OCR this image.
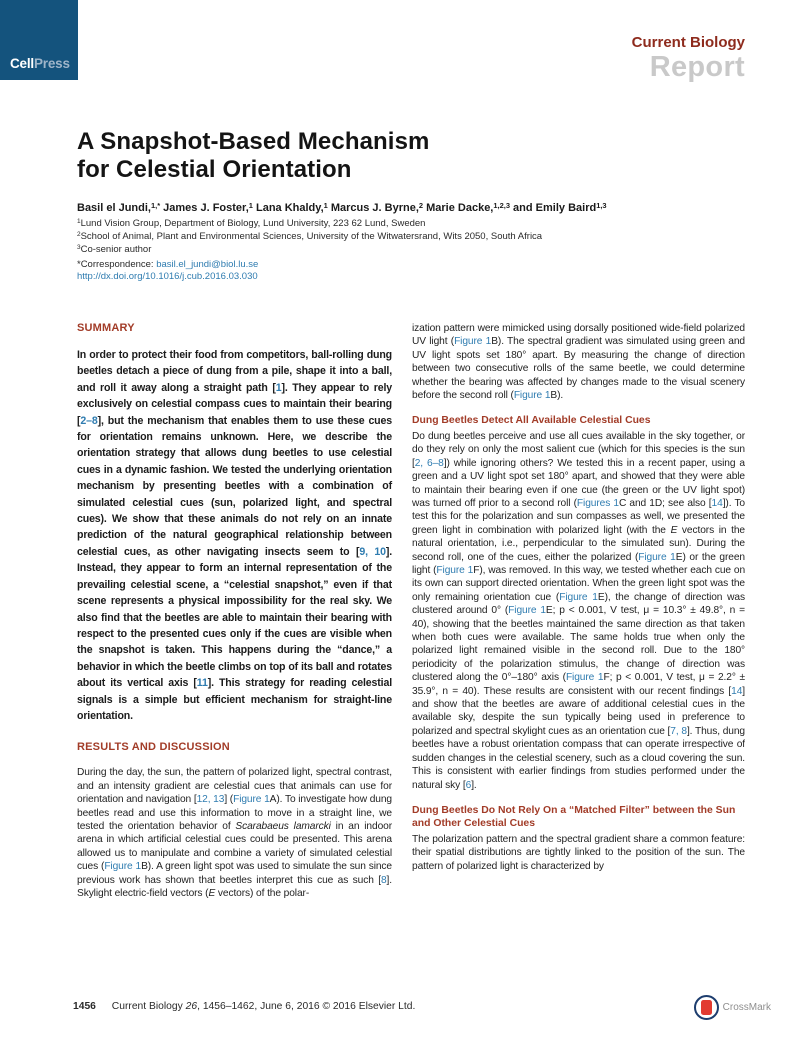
CellPress
Current Biology
Report
A Snapshot-Based Mechanism
for Celestial Orientation
Basil el Jundi,$^{1,*}$ James J. Foster,$^1$ Lana Khaldy,$^1$ Marcus J. Byrne,$^2$ Marie Dacke,$^{1,2,3}$ and Emily Baird$^{1,3}$
$^1$Lund Vision Group, Department of Biology, Lund University, 223 62 Lund, Sweden
$^2$School of Animal, Plant and Environmental Sciences, University of the Witwatersrand, Wits 2050, South Africa
$^3$Co-senior author
*Correspondence: basil.el_jundi@biol.lu.se
http://dx.doi.org/10.1016/j.cub.2016.03.030
SUMMARY

In order to protect their food from competitors, ball-rolling dung beetles detach a piece of dung from a pile, shape it into a ball, and roll it away along a straight path [1]. They appear to rely exclusively on celestial compass cues to maintain their bearing [2–8], but the mechanism that enables them to use these cues for orientation remains unknown. Here, we describe the orientation strategy that allows dung beetles to use celestial cues in a dynamic fashion. We tested the underlying orientation mechanism by presenting beetles with a combination of simulated celestial cues (sun, polarized light, and spectral cues). We show that these animals do not rely on an innate prediction of the natural geographical relationship between celestial cues, as other navigating insects seem to [9, 10]. Instead, they appear to form an internal representation of the prevailing celestial scene, a “celestial snapshot,” even if that scene represents a physical impossibility for the real sky. We also find that the beetles are able to maintain their bearing with respect to the presented cues only if the cues are visible when the snapshot is taken. This happens during the “dance,” a behavior in which the beetle climbs on top of its ball and rotates about its vertical axis [11]. This strategy for reading celestial signals is a simple but efficient mechanism for straight-line orientation.

RESULTS AND DISCUSSION

During the day, the sun, the pattern of polarized light, spectral contrast, and an intensity gradient are celestial cues that animals can use for orientation and navigation [12, 13] (Figure 1A). To investigate how dung beetles read and use this information to move in a straight line, we tested the orientation behavior of Scarabaeus lamarcki in an indoor arena in which artificial celestial cues could be presented. This arena allowed us to manipulate and combine a variety of simulated celestial cues (Figure 1B). A green light spot was used to simulate the sun since previous work has shown that beetles interpret this cue as such [8]. Skylight electric-field vectors (E vectors) of the polar-

ization pattern were mimicked using dorsally positioned wide-field polarized UV light (Figure 1B). The spectral gradient was simulated using green and UV light spots set 180° apart. By measuring the change of direction between two consecutive rolls of the same beetle, we could determine whether the bearing was affected by changes made to the visual scenery before the second roll (Figure 1B).

Dung Beetles Detect All Available Celestial Cues

Do dung beetles perceive and use all cues available in the sky together, or do they rely on only the most salient cue (which for this species is the sun [2, 6–8]) while ignoring others? We tested this in a recent paper, using a green and a UV light spot set 180° apart, and showed that they were able to maintain their bearing even if one cue (the green or the UV light spot) was turned off prior to a second roll (Figures 1C and 1D; see also [14]). To test this for the polarization and sun compasses as well, we presented the green light in combination with polarized light (with the E vectors in the natural orientation, i.e., perpendicular to the simulated sun). During the second roll, one of the cues, either the polarized (Figure 1E) or the green light (Figure 1F), was removed. In this way, we tested whether each cue on its own can support directed orientation. When the green light spot was the only remaining orientation cue (Figure 1E), the change of direction was clustered around 0° (Figure 1E; p < 0.001, V test, μ = 10.3° ± 49.8°, n = 40), showing that the beetles maintained the same direction as that taken when both cues were available. The same holds true when only the polarized light remained visible in the second roll. Due to the 180° periodicity of the polarization stimulus, the change of direction was clustered along the 0°–180° axis (Figure 1F; p < 0.001, V test, μ = 2.2° ± 35.9°, n = 40). These results are consistent with our recent findings [14] and show that the beetles are aware of additional celestial cues in the available sky, despite the sun typically being used in preference to polarized and spectral skylight cues as an orientation cue [7, 8]. Thus, dung beetles have a robust orientation compass that can operate irrespective of sudden changes in the celestial scenery, such as a cloud covering the sun. This is consistent with earlier findings from studies performed under the natural sky [6].

Dung Beetles Do Not Rely On a “Matched Filter” between the Sun and Other Celestial Cues

The polarization pattern and the spectral gradient share a common feature: their spatial distributions are tightly linked to the position of the sun. The pattern of polarized light is characterized by

1456 Current Biology 26, 1456–1462, June 6, 2016 © 2016 Elsevier Ltd.	CrossMark
